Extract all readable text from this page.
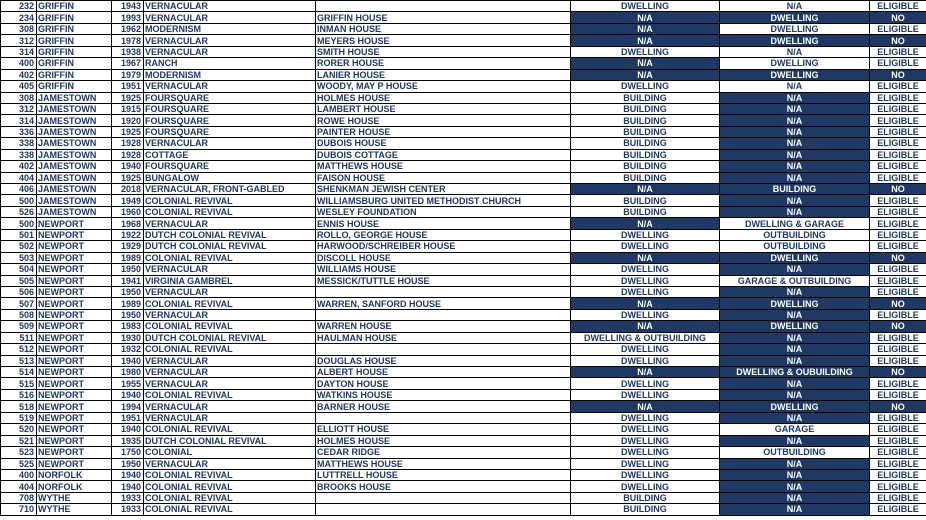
232	GRIFFIN	1943	VERNACULAR		DWELLING	N/A	ELIGIBLE
234	GRIFFIN	1993	VERNACULAR	GRIFFIN HOUSE	N/A	DWELLING	NO
308	GRIFFIN	1962	MODERNISM	INMAN HOUSE	N/A	DWELLING	ELIGIBLE
312	GRIFFIN	1978	VERNACULAR	MEYERS HOUSE	N/A	DWELLING	NO
314	GRIFFIN	1938	VERNACULAR	SMITH HOUSE	DWELLING	N/A	ELIGIBLE
400	GRIFFIN	1967	RANCH	RORER HOUSE	N/A	DWELLING	ELIGIBLE
402	GRIFFIN	1979	MODERNISM	LANIER HOUSE	N/A	DWELLING	NO
405	GRIFFIN	1951	VERNACULAR	WOODY, MAY P HOUSE	DWELLING	N/A	ELIGIBLE
308	JAMESTOWN	1925	FOURSQUARE	HOLMES HOUSE	BUILDING	N/A	ELIGIBLE
312	JAMESTOWN	1915	FOURSQUARE	LAMBERT HOUSE	BUILDING	N/A	ELIGIBLE
314	JAMESTOWN	1920	FOURSQUARE	ROWE HOUSE	BUILDING	N/A	ELIGIBLE
336	JAMESTOWN	1925	FOURSQUARE	PAINTER HOUSE	BUILDING	N/A	ELIGIBLE
338	JAMESTOWN	1928	VERNACULAR	DUBOIS HOUSE	BUILDING	N/A	ELIGIBLE
338	JAMESTOWN	1928	COTTAGE	DUBOIS COTTAGE	BUILDING	N/A	ELIGIBLE
402	JAMESTOWN	1940	FOURSQUARE	MATTHEWS HOUSE	BUILDING	N/A	ELIGIBLE
404	JAMESTOWN	1925	BUNGALOW	FAISON HOUSE	BUILDING	N/A	ELIGIBLE
406	JAMESTOWN	2018	VERNACULAR, FRONT-GABLED	SHENKMAN JEWISH CENTER	N/A	BUILDING	NO
500	JAMESTOWN	1949	COLONIAL REVIVAL	WILLIAMSBURG UNITED METHODIST CHURCH	BUILDING	N/A	ELIGIBLE
526	JAMESTOWN	1960	COLONIAL REVIVAL	WESLEY FOUNDATION	BUILDING	N/A	ELIGIBLE
500	NEWPORT	1968	VERNACULAR	ENNIS HOUSE	N/A	DWELLING & GARAGE	ELIGIBLE
501	NEWPORT	1922	DUTCH COLONIAL REVIVAL	ROLLO, GEORGE HOUSE	DWELLING	OUTBUILDING	ELIGIBLE
502	NEWPORT	1929	DUTCH COLONIAL REVIVAL	HARWOOD/SCHREIBER HOUSE	DWELLING	OUTBUILDING	ELIGIBLE
503	NEWPORT	1989	COLONIAL REVIVAL	DISCOLL HOUSE	N/A	DWELLING	NO
504	NEWPORT	1950	VERNACULAR	WILLIAMS HOUSE	DWELLING	N/A	ELIGIBLE
505	NEWPORT	1941	VIRGINIA GAMBREL	MESSICK/TUTTLE HOUSE	DWELLING	GARAGE & OUTBUILDING	ELIGIBLE
506	NEWPORT	1950	VERNACULAR		DWELLING	N/A	ELIGIBLE
507	NEWPORT	1989	COLONIAL REVIVAL	WARREN, SANFORD HOUSE	N/A	DWELLING	NO
508	NEWPORT	1950	VERNACULAR		DWELLING	N/A	ELIGIBLE
509	NEWPORT	1983	COLONIAL REVIVAL	WARREN HOUSE	N/A	DWELLING	NO
511	NEWPORT	1930	DUTCH COLONIAL REVIVAL	HAULMAN HOUSE	DWELLING & OUTBUILDING	N/A	ELIGIBLE
512	NEWPORT	1932	COLONIAL REVIVAL		DWELLING	N/A	ELIGIBLE
513	NEWPORT	1940	VERNACULAR	DOUGLAS HOUSE	DWELLING	N/A	ELIGIBLE
514	NEWPORT	1980	VERNACULAR	ALBERT HOUSE	N/A	DWELLING & OUBUILDING	NO
515	NEWPORT	1955	VERNACULAR	DAYTON HOUSE	DWELLING	N/A	ELIGIBLE
516	NEWPORT	1940	COLONIAL REVIVAL	WATKINS HOUSE	DWELLING	N/A	ELIGIBLE
518	NEWPORT	1994	VERNACULAR	BARNER HOUSE	N/A	DWELLING	NO
519	NEWPORT	1951	VERNACULAR		DWELLING	N/A	ELIGIBLE
520	NEWPORT	1940	COLONIAL REVIVAL	ELLIOTT HOUSE	DWELLING	GARAGE	ELIGIBLE
521	NEWPORT	1935	DUTCH COLONIAL REVIVAL	HOLMES HOUSE	DWELLING	N/A	ELIGIBLE
523	NEWPORT	1750	COLONIAL	CEDAR RIDGE	DWELLING	OUTBUILDING	ELIGIBLE
525	NEWPORT	1950	VERNACULAR	MATTHEWS HOUSE	DWELLING	N/A	ELIGIBLE
400	NORFOLK	1940	COLONIAL REVIVAL	LUTTRELL HOUSE	DWELLING	N/A	ELIGIBLE
404	NORFOLK	1940	COLONIAL REVIVAL	BROOKS HOUSE	DWELLING	N/A	ELIGIBLE
708	WYTHE	1933	COLONIAL REVIVAL		BUILDING	N/A	ELIGIBLE
710	WYTHE	1933	COLONIAL REVIVAL		BUILDING	N/A	ELIGIBLE
